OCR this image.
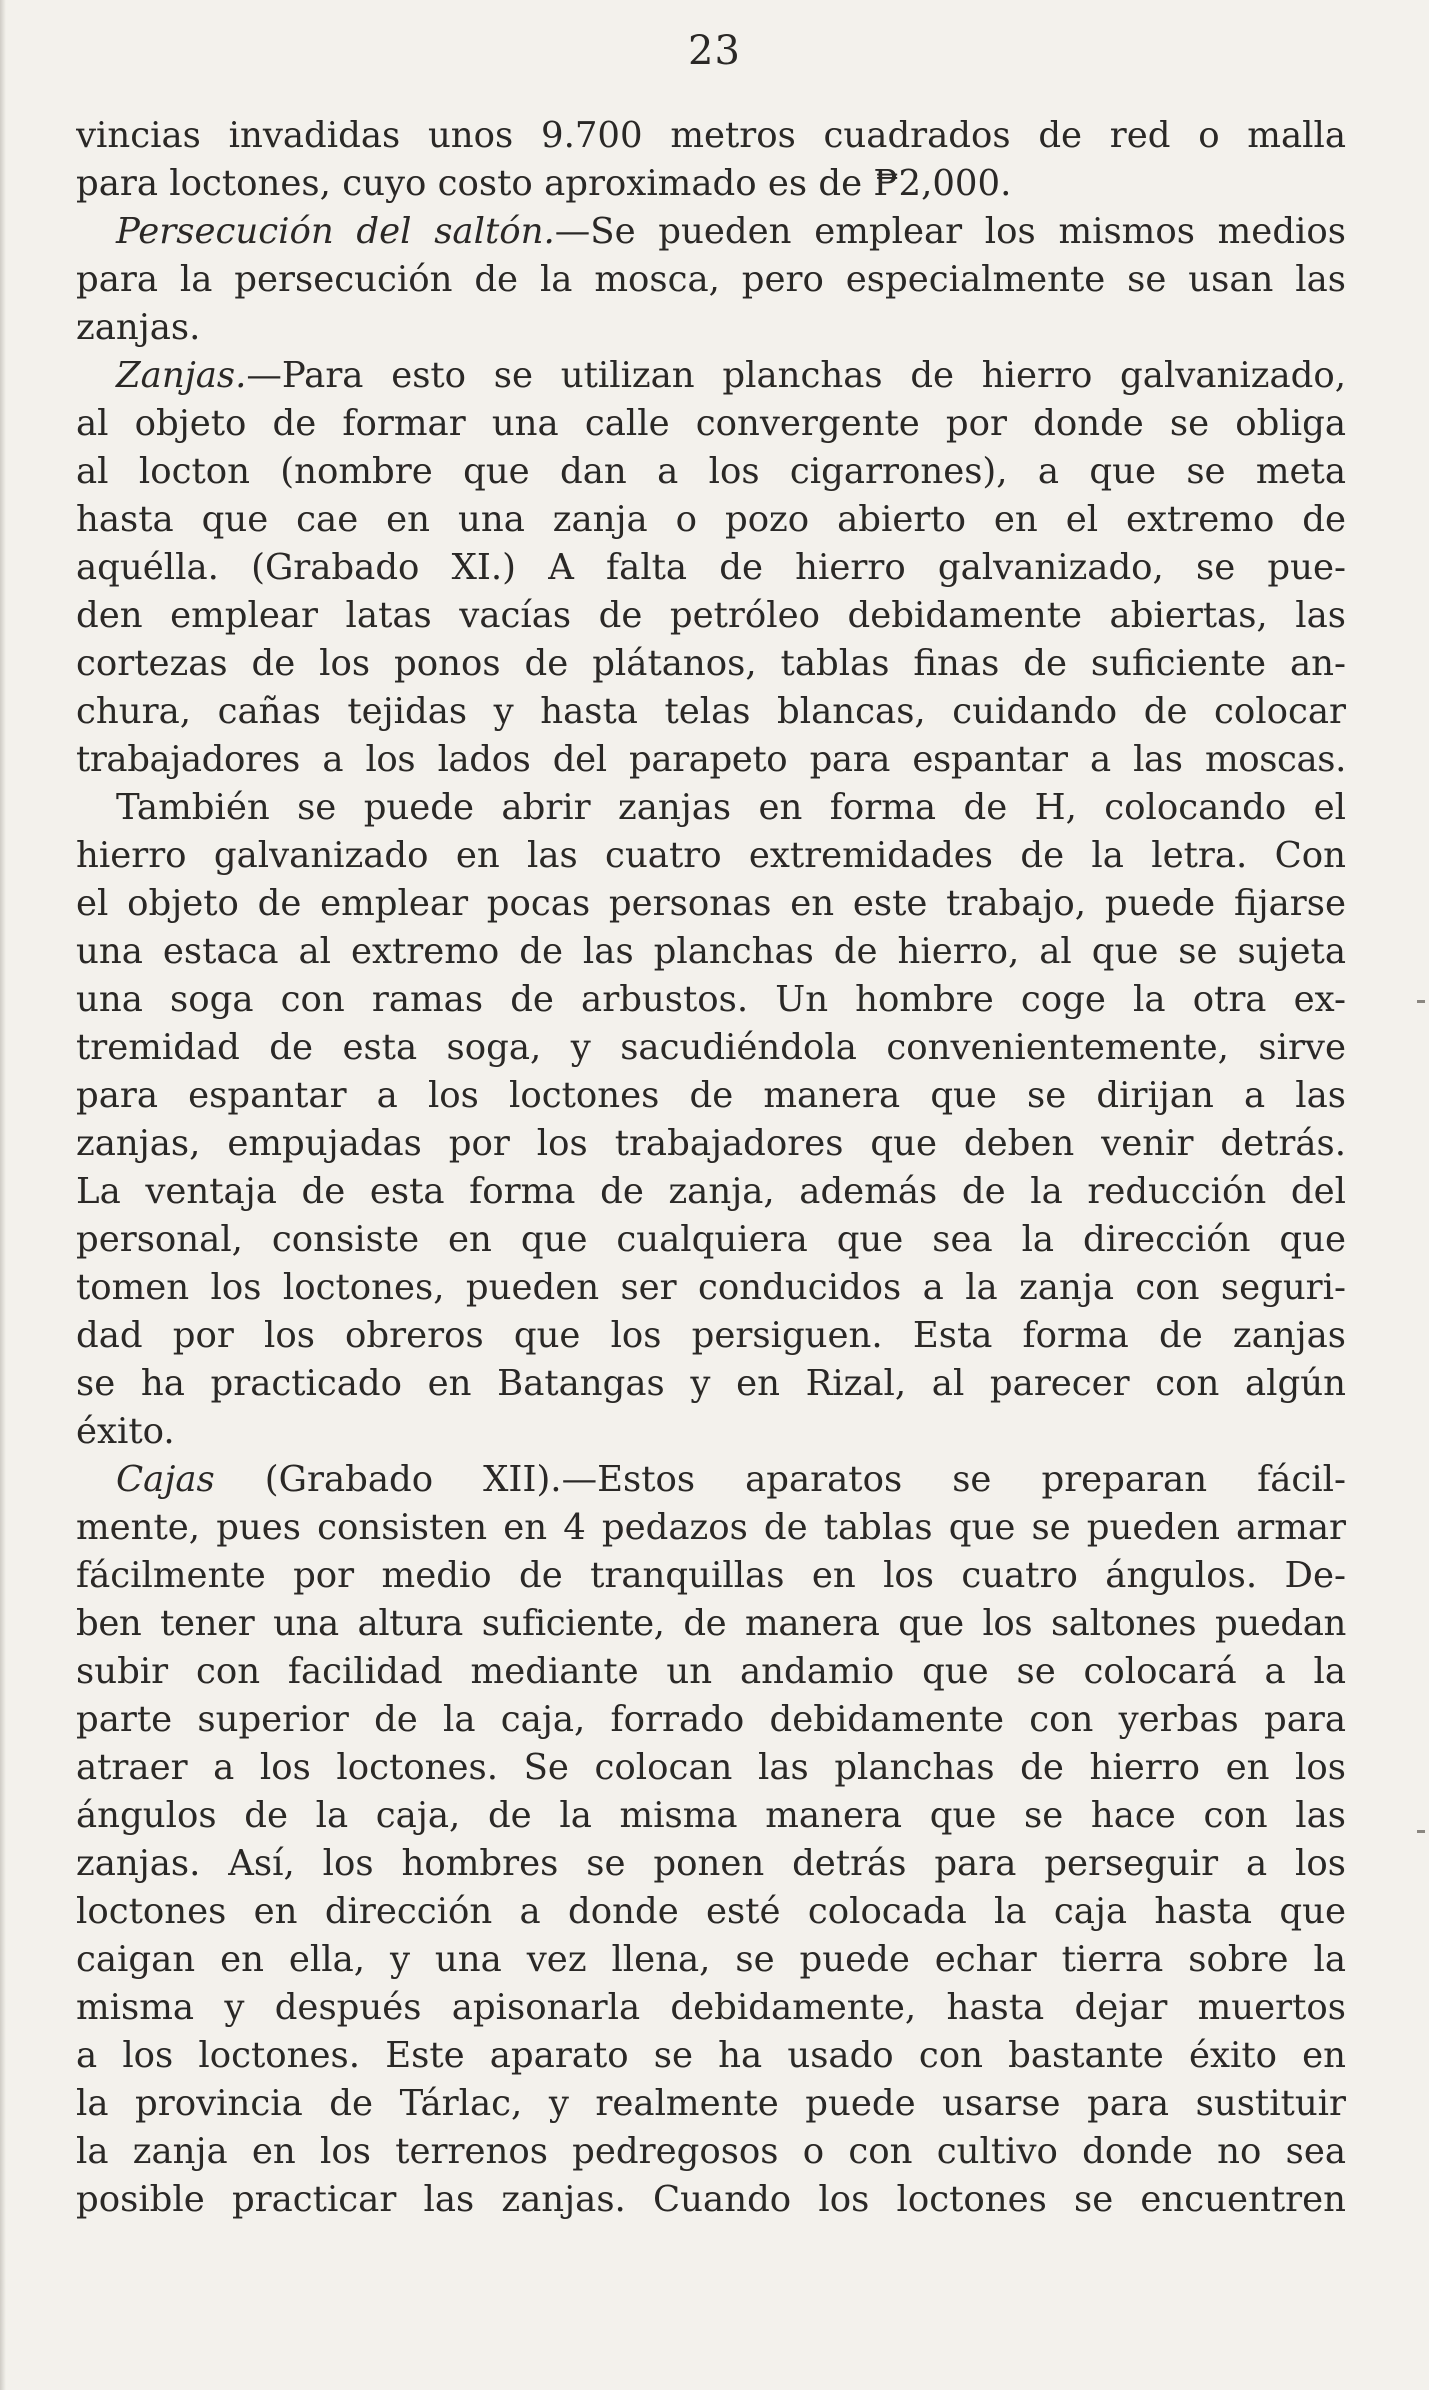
23
vincias invadidas unos 9.700 metros cuadrados de red o malla
para loctones, cuyo costo aproximado es de ₱2,000.
Persecución del saltón.—Se pueden emplear los mismos medios
para la persecución de la mosca, pero especialmente se usan las
zanjas.
Zanjas.—Para esto se utilizan planchas de hierro galvanizado,
al objeto de formar una calle convergente por donde se obliga
al locton (nombre que dan a los cigarrones), a que se meta
hasta que cae en una zanja o pozo abierto en el extremo de
aquélla. (Grabado XI.) A falta de hierro galvanizado, se pue-
den emplear latas vacías de petróleo debidamente abiertas, las
cortezas de los ponos de plátanos, tablas finas de suficiente an-
chura, cañas tejidas y hasta telas blancas, cuidando de colocar
trabajadores a los lados del parapeto para espantar a las moscas.
También se puede abrir zanjas en forma de H, colocando el
hierro galvanizado en las cuatro extremidades de la letra. Con
el objeto de emplear pocas personas en este trabajo, puede fijarse
una estaca al extremo de las planchas de hierro, al que se sujeta
una soga con ramas de arbustos. Un hombre coge la otra ex-
tremidad de esta soga, y sacudiéndola convenientemente, sirve
para espantar a los loctones de manera que se dirijan a las
zanjas, empujadas por los trabajadores que deben venir detrás.
La ventaja de esta forma de zanja, además de la reducción del
personal, consiste en que cualquiera que sea la dirección que
tomen los loctones, pueden ser conducidos a la zanja con seguri-
dad por los obreros que los persiguen. Esta forma de zanjas
se ha practicado en Batangas y en Rizal, al parecer con algún
éxito.
Cajas (Grabado XII).—Estos aparatos se preparan fácil-
mente, pues consisten en 4 pedazos de tablas que se pueden armar
fácilmente por medio de tranquillas en los cuatro ángulos. De-
ben tener una altura suficiente, de manera que los saltones puedan
subir con facilidad mediante un andamio que se colocará a la
parte superior de la caja, forrado debidamente con yerbas para
atraer a los loctones. Se colocan las planchas de hierro en los
ángulos de la caja, de la misma manera que se hace con las
zanjas. Así, los hombres se ponen detrás para perseguir a los
loctones en dirección a donde esté colocada la caja hasta que
caigan en ella, y una vez llena, se puede echar tierra sobre la
misma y después apisonarla debidamente, hasta dejar muertos
a los loctones. Este aparato se ha usado con bastante éxito en
la provincia de Tárlac, y realmente puede usarse para sustituir
la zanja en los terrenos pedregosos o con cultivo donde no sea
posible practicar las zanjas. Cuando los loctones se encuentren
